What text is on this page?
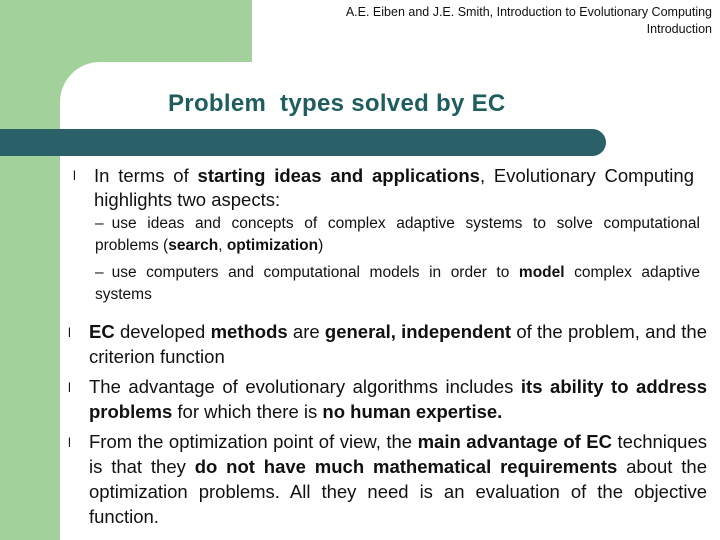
A.E. Eiben and J.E. Smith, Introduction to Evolutionary Computing
Introduction
Problem  types solved by EC
l In terms of starting ideas and applications, Evolutionary Computing highlights two aspects:
– use ideas and concepts of complex adaptive systems to solve computational problems (search, optimization)
– use computers and computational models in order to model complex adaptive systems
l EC developed methods are general, independent of the problem, and the criterion function
l The advantage of evolutionary algorithms includes its ability to address problems for which there is no human expertise.
l From the optimization point of view, the main advantage of EC techniques is that they do not have much mathematical requirements about the optimization problems. All they need is an evaluation of the objective function.
